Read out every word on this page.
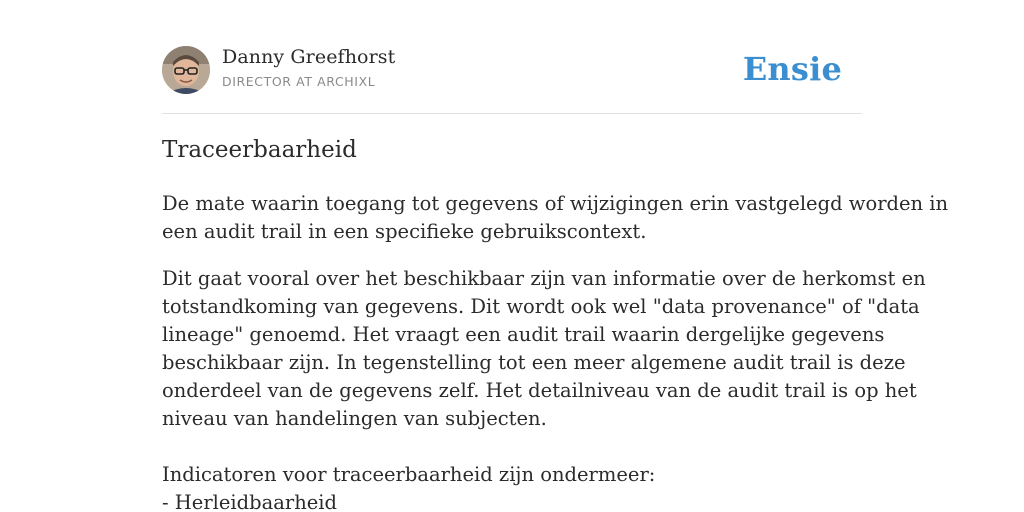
Danny Greefhorst
DIRECTOR AT ARCHIXL	Ensie
Traceerbaarheid
De mate waarin toegang tot gegevens of wijzigingen erin vastgelegd worden in
een audit trail in een specifieke gebruikscontext.
Dit gaat vooral over het beschikbaar zijn van informatie over de herkomst en
totstandkoming van gegevens. Dit wordt ook wel "data provenance" of "data
lineage" genoemd. Het vraagt een audit trail waarin dergelijke gegevens
beschikbaar zijn. In tegenstelling tot een meer algemene audit trail is deze
onderdeel van de gegevens zelf. Het detailniveau van de audit trail is op het
niveau van handelingen van subjecten.

Indicatoren voor traceerbaarheid zijn ondermeer:
- Herleidbaarheid
